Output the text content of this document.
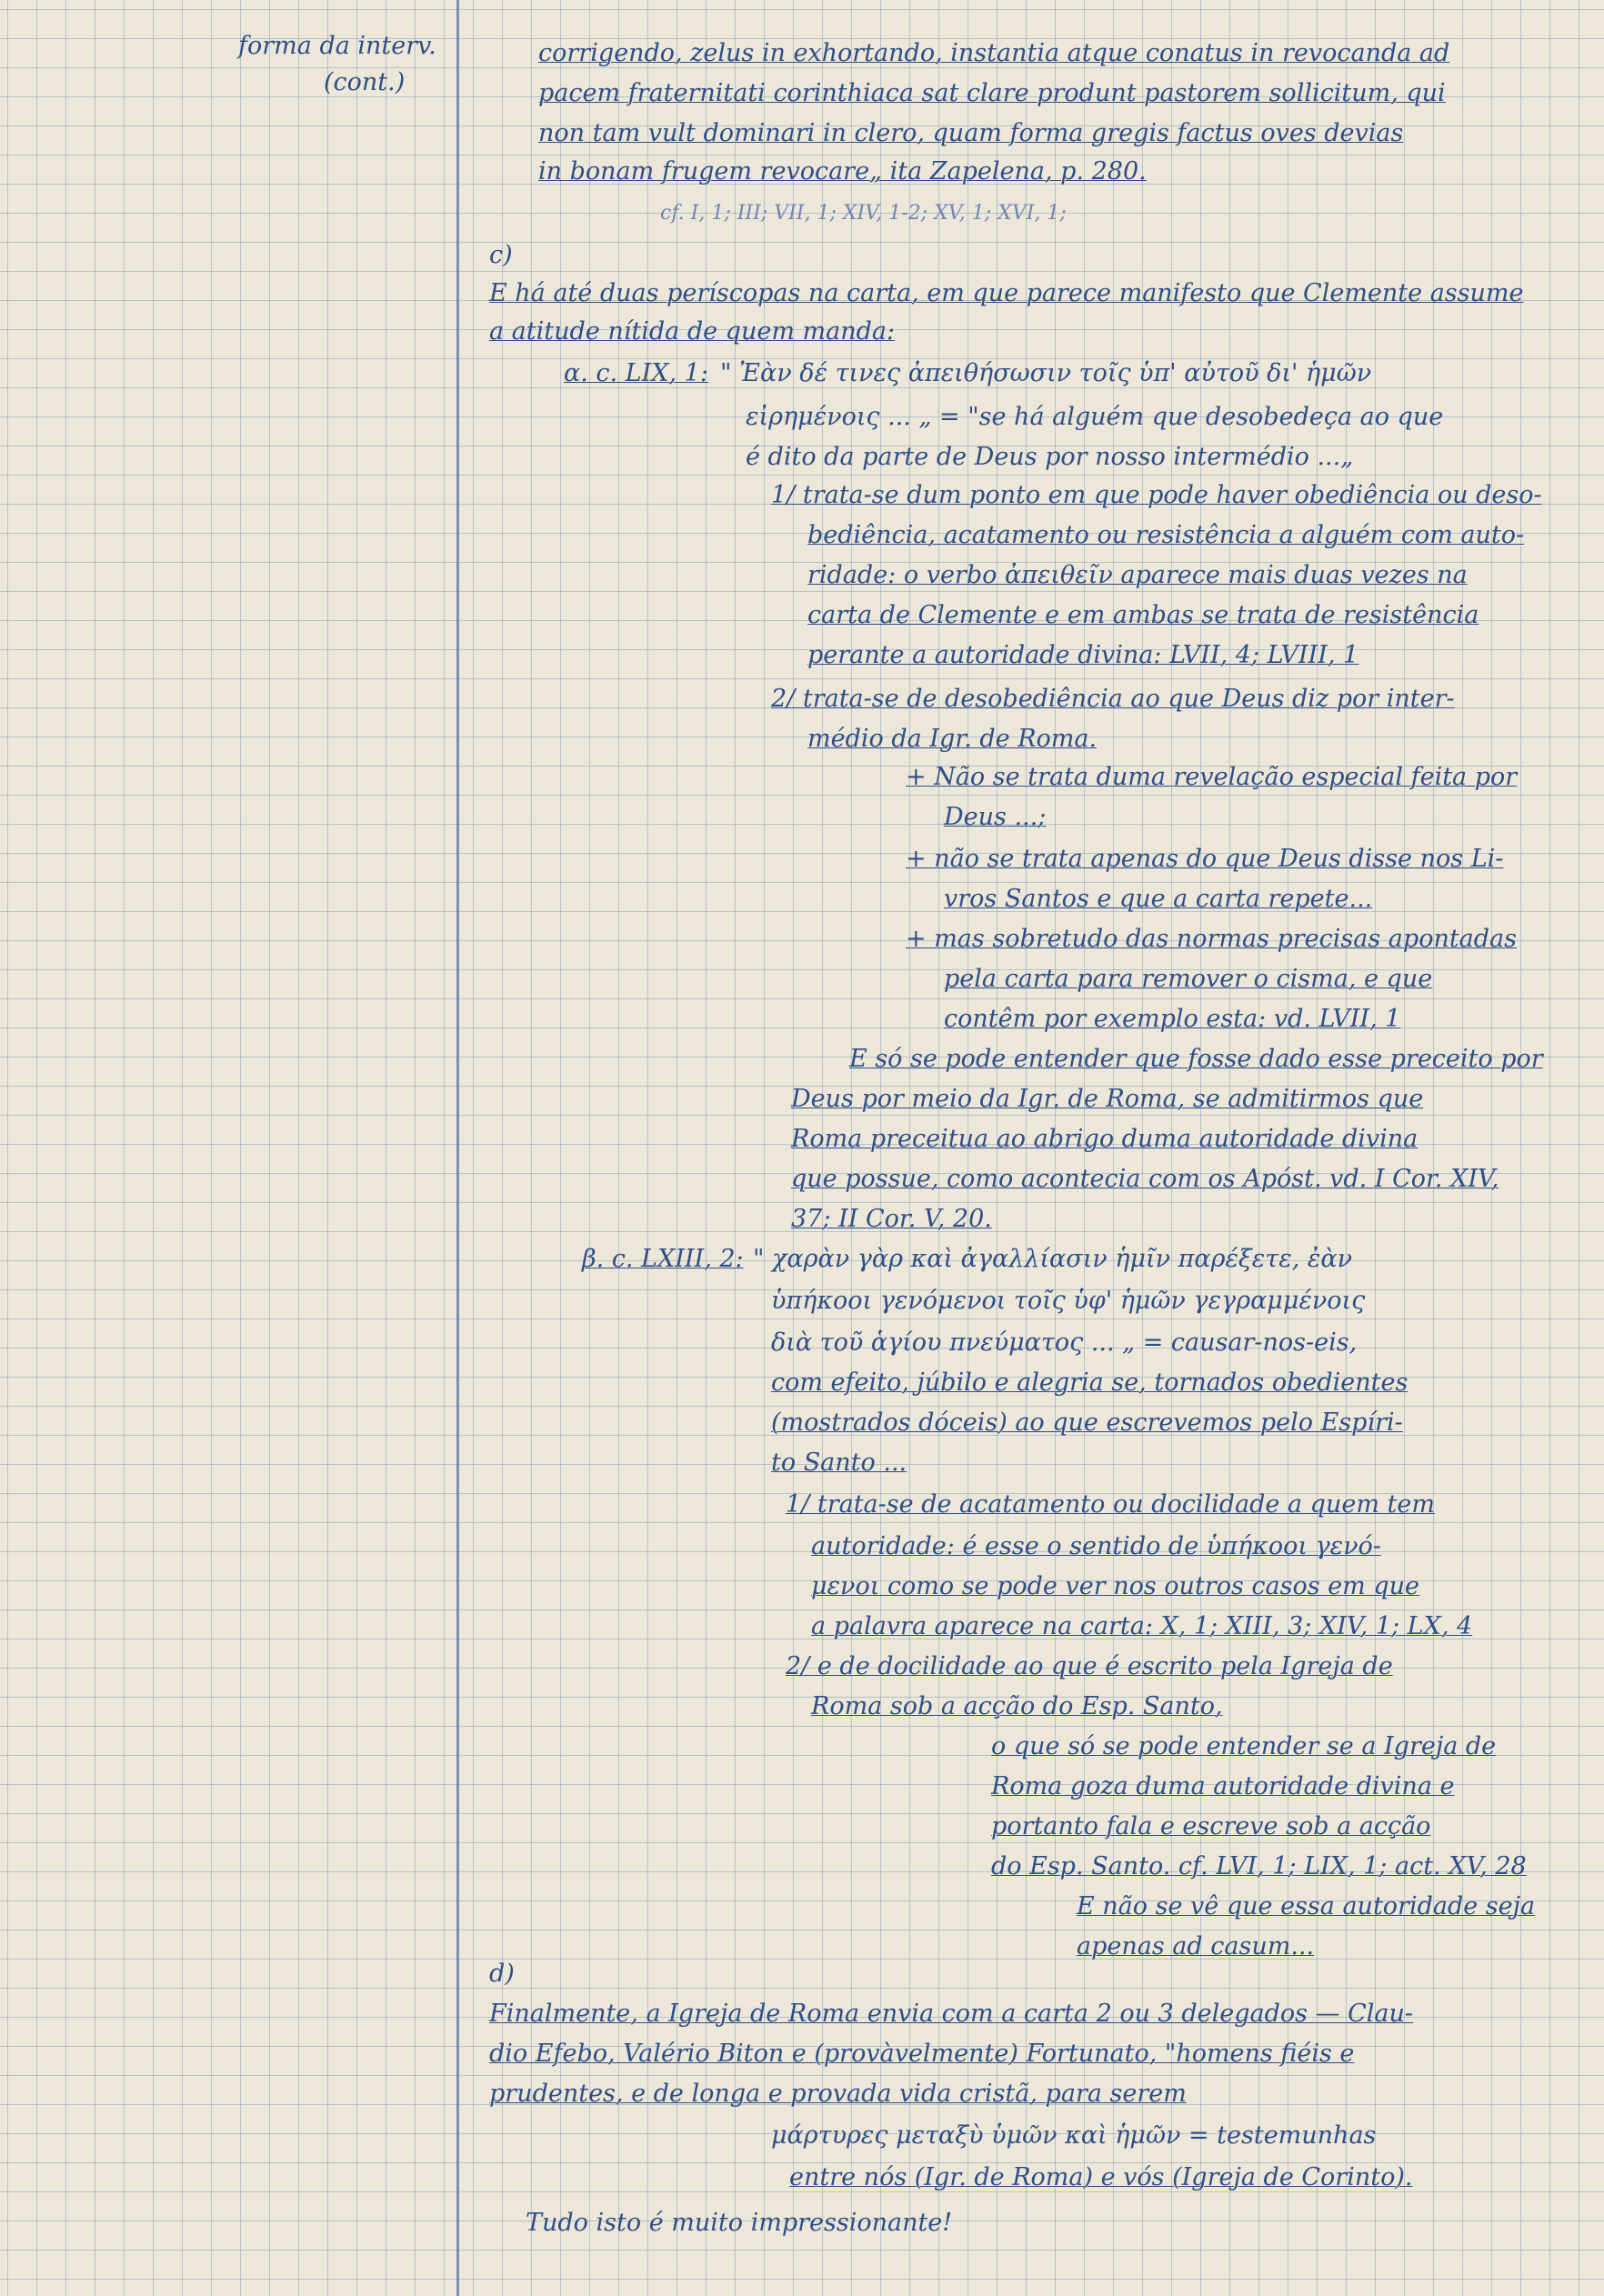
forma da interv.

(cont.)

corrigendo, zelus in exhortando, instantia atque conatus in revocanda ad

pacem fraternitati corinthiaca sat clare produnt pastorem sollicitum, qui

non tam vult dominari in clero, quam forma gregis factus oves devias

in bonam frugem revocare„ ita Zapelena, p. 280.

cf. I, 1; III; VII, 1; XIV, 1-2; XV, 1; XVI, 1;

c)

E há até duas períscopas na carta, em que parece manifesto que Clemente assume

a atitude nítida de quem manda:

α. c. LIX, 1: " Ἐὰν δέ τινες ἀπειθήσωσιν τοῖς ὑπ' αὐτοῦ δι' ἡμῶν

εἰρημένοις ... „ = "se há alguém que desobedeça ao que

é dito da parte de Deus por nosso intermédio ...„

1/ trata-se dum ponto em que pode haver obediência ou deso-

bediência, acatamento ou resistência a alguém com auto-

ridade: o verbo ἀπειθεῖν aparece mais duas vezes na

carta de Clemente e em ambas se trata de resistência

perante a autoridade divina: LVII, 4; LVIII, 1

2/ trata-se de desobediência ao que Deus diz por inter-

médio da Igr. de Roma.

+ Não se trata duma revelação especial feita por

Deus ...;

+ não se trata apenas do que Deus disse nos Li-

vros Santos e que a carta repete...

+ mas sobretudo das normas precisas apontadas

pela carta para remover o cisma, e que

contêm por exemplo esta: vd. LVII, 1

E só se pode entender que fosse dado esse preceito por

Deus por meio da Igr. de Roma, se admitirmos que

Roma preceitua ao abrigo duma autoridade divina

que possue, como acontecia com os Apóst. vd. I Cor. XIV,

37; II Cor. V, 20.

β. c. LXIII, 2: " χαρὰν γὰρ καὶ ἀγαλλίασιν ἡμῖν παρέξετε, ἐὰν

ὑπήκοοι γενόμενοι τοῖς ὑφ' ἡμῶν γεγραμμένοις

διὰ τοῦ ἁγίου πνεύματος ... „ = causar-nos-eis,

com efeito, júbilo e alegria se, tornados obedientes

(mostrados dóceis) ao que escrevemos pelo Espíri-

to Santo ...

1/ trata-se de acatamento ou docilidade a quem tem

autoridade: é esse o sentido de ὑπήκοοι γενό-

μενοι como se pode ver nos outros casos em que

a palavra aparece na carta: X, 1; XIII, 3; XIV, 1; LX, 4

2/ e de docilidade ao que é escrito pela Igreja de

Roma sob a acção do Esp. Santo,

o que só se pode entender se a Igreja de

Roma goza duma autoridade divina e

portanto fala e escreve sob a acção

do Esp. Santo. cf. LVI, 1; LIX, 1; act. XV, 28

E não se vê que essa autoridade seja

apenas ad casum...

d)

Finalmente, a Igreja de Roma envia com a carta 2 ou 3 delegados — Clau-

dio Efebo, Valério Biton e (provàvelmente) Fortunato, "homens fiéis e

prudentes, e de longa e provada vida cristã, para serem

μάρτυρες μεταξὺ ὑμῶν καὶ ἡμῶν = testemunhas

entre nós (Igr. de Roma) e vós (Igreja de Corinto).

Tudo isto é muito impressionante!
